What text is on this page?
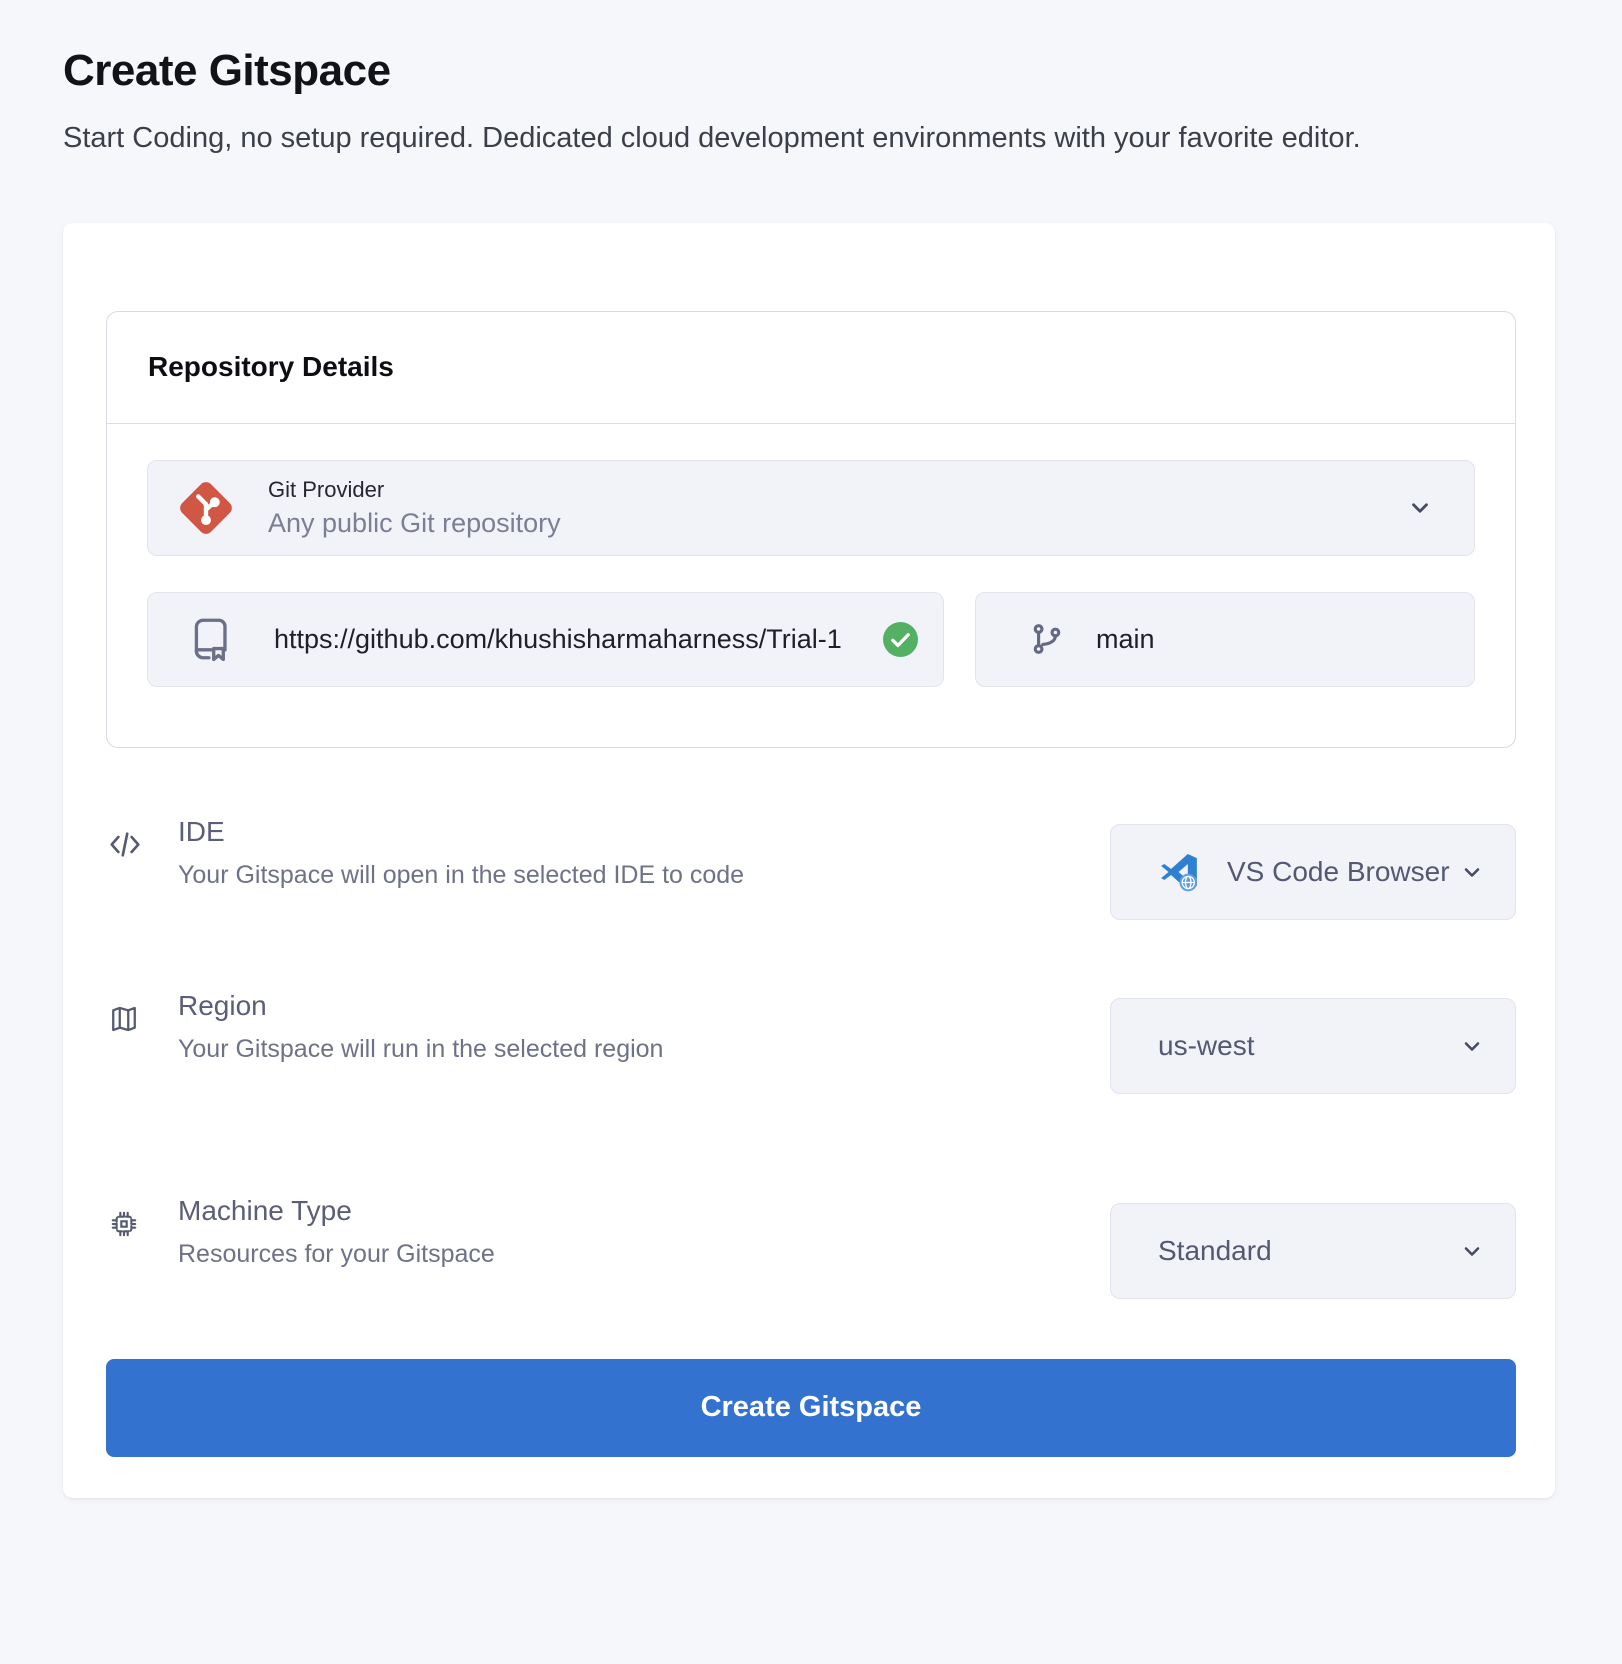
Create Gitspace
Start Coding, no setup required. Dedicated cloud development environments with your favorite editor.
Repository Details
Git Provider
Any public Git repository
https://github.com/khushisharmaharness/Trial-1
main
IDE
Your Gitspace will open in the selected IDE to code	VS Code Browser
Region
Your Gitspace will run in the selected region	us-west
Machine Type
Resources for your Gitspace	Standard
Create Gitspace
